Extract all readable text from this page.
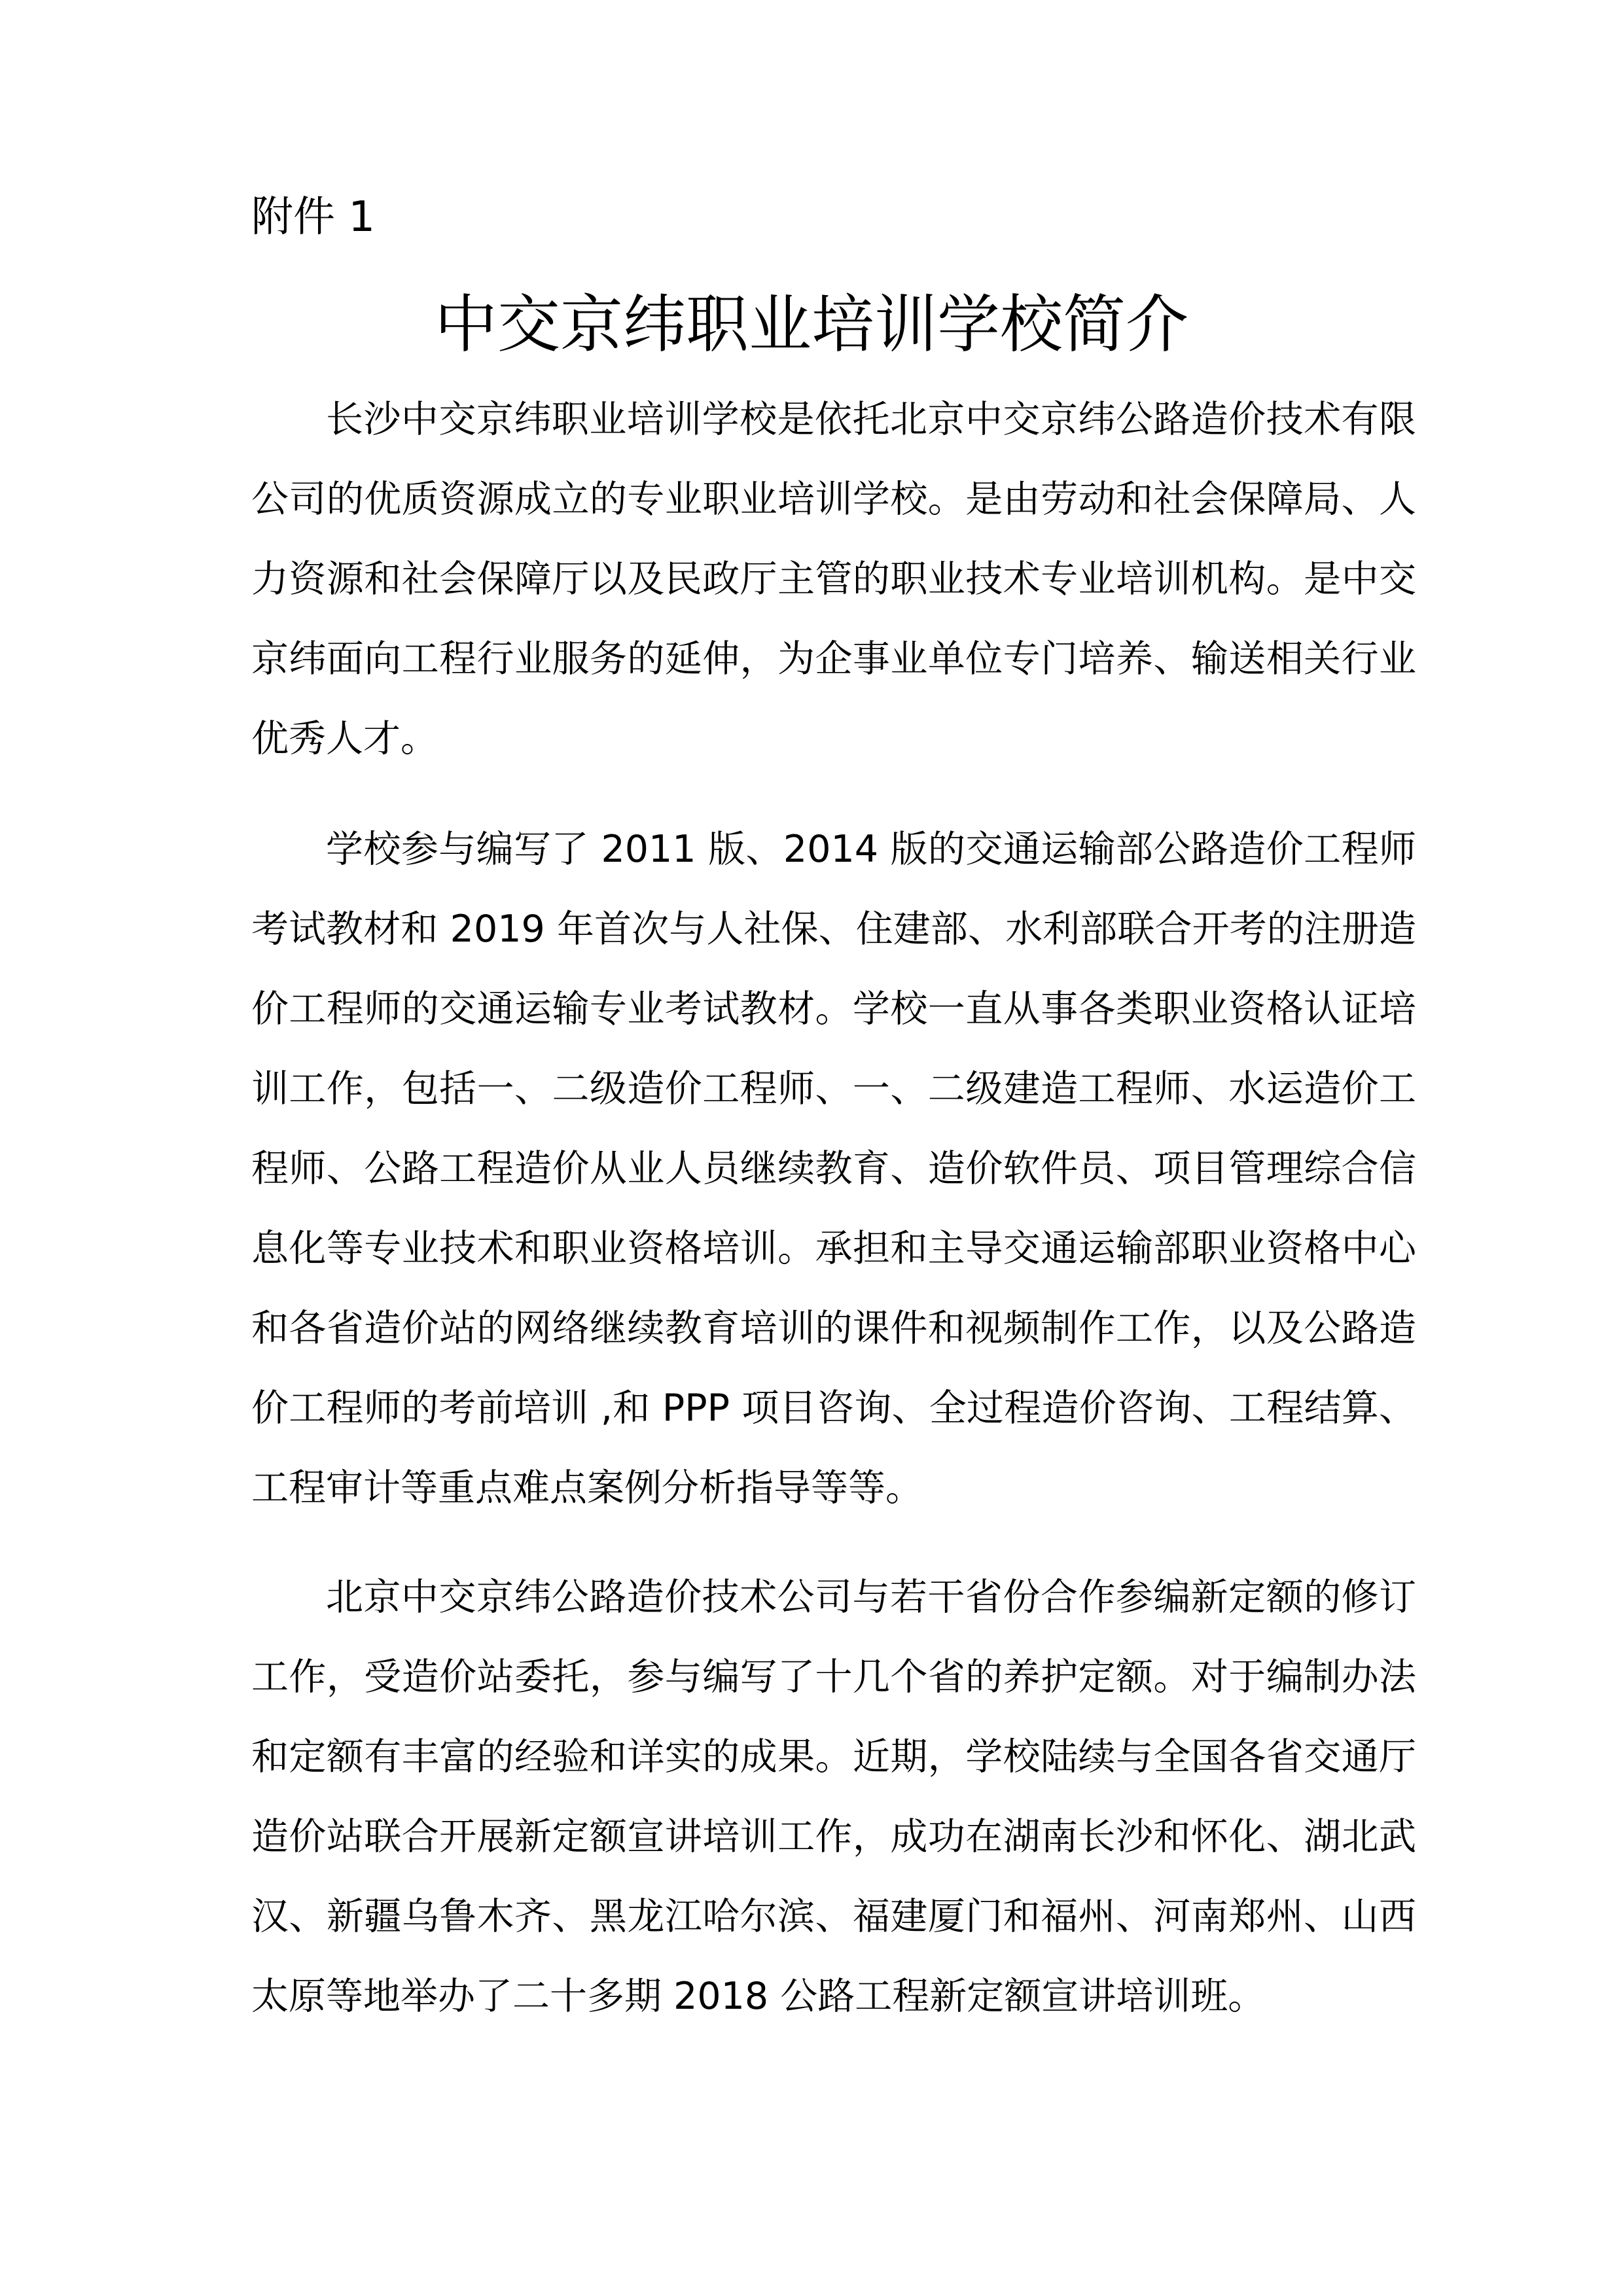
附件 1
中交京纬职业培训学校简介

长沙中交京纬职业培训学校是依托北京中交京纬公路造价技术有限公司的优质资源成立的专业职业培训学校。是由劳动和社会保障局、人力资源和社会保障厅以及民政厅主管的职业技术专业培训机构。是中交京纬面向工程行业服务的延伸，为企事业单位专门培养、输送相关行业优秀人才。

学校参与编写了 2011 版、2014 版的交通运输部公路造价工程师考试教材和 2019 年首次与人社保、住建部、水利部联合开考的注册造价工程师的交通运输专业考试教材。学校一直从事各类职业资格认证培训工作，包括一、二级造价工程师、一、二级建造工程师、水运造价工程师、公路工程造价从业人员继续教育、造价软件员、项目管理综合信息化等专业技术和职业资格培训。承担和主导交通运输部职业资格中心和各省造价站的网络继续教育培训的课件和视频制作工作，以及公路造价工程师的考前培训 ,和 PPP 项目咨询、全过程造价咨询、工程结算、工程审计等重点难点案例分析指导等等。

北京中交京纬公路造价技术公司与若干省份合作参编新定额的修订工作，受造价站委托，参与编写了十几个省的养护定额。对于编制办法和定额有丰富的经验和详实的成果。近期，学校陆续与全国各省交通厅造价站联合开展新定额宣讲培训工作，成功在湖南长沙和怀化、湖北武汉、新疆乌鲁木齐、黑龙江哈尔滨、福建厦门和福州、河南郑州、山西太原等地举办了二十多期 2018 公路工程新定额宣讲培训班。
